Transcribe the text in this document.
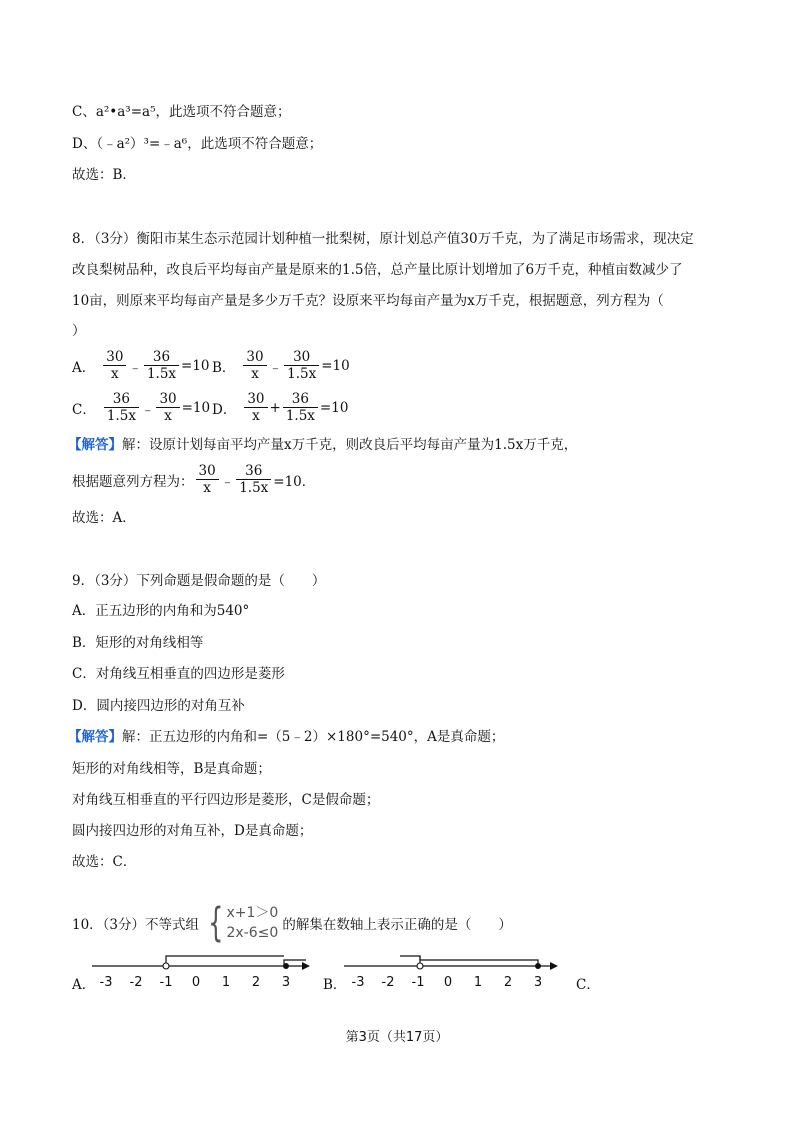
C、a²•a³=a⁵，此选项不符合题意；
D、（﹣a²）³=﹣a⁶，此选项不符合题意；
故选：B．
8．（3分）衡阳市某生态示范园计划种植一批梨树，原计划总产值30万千克，为了满足市场需求，现决定
改良梨树品种，改良后平均每亩产量是原来的1.5倍，总产量比原计划增加了6万千克，种植亩数减少了
10亩，则原来平均每亩产量是多少万千克？设原来平均每亩产量为x万千克，根据题意，列方程为（
）
A． $\frac{30}{x}$ ﹣ $\frac{36}{1.5x} =10$ B． $\frac{30}{x}$ ﹣ $\frac{30}{1.5x} =10$
C． $\frac{36}{1.5x}$ ﹣ $\frac{30}{x} =10$ D． $\frac{30}{x} + \frac{36}{1.5x} =10$
【解答】解：设原计划每亩平均产量x万千克，则改良后平均每亩产量为1.5x万千克，
根据题意列方程为： $\frac{30}{x}$ ﹣ $\frac{36}{1.5x} =10$．
故选：A．
9．（3分）下列命题是假命题的是（　　）
A．正五边形的内角和为540°
B．矩形的对角线相等
C．对角线互相垂直的四边形是菱形
D．圆内接四边形的对角互补
【解答】解：正五边形的内角和=（5﹣2）×180°=540°，A是真命题；
矩形的对角线相等，B是真命题；
对角线互相垂直的平行四边形是菱形，C是假命题；
圆内接四边形的对角互补，D是真命题；
故选：C．
10．（3分）不等式组 { x+1＞0
2x-6≤0 的解集在数轴上表示正确的是（　　）
A．	B．	C．
-3 -2 -1 0 1 2 3	-3 -2 -1 0 1 2 3
第3页（共17页）
